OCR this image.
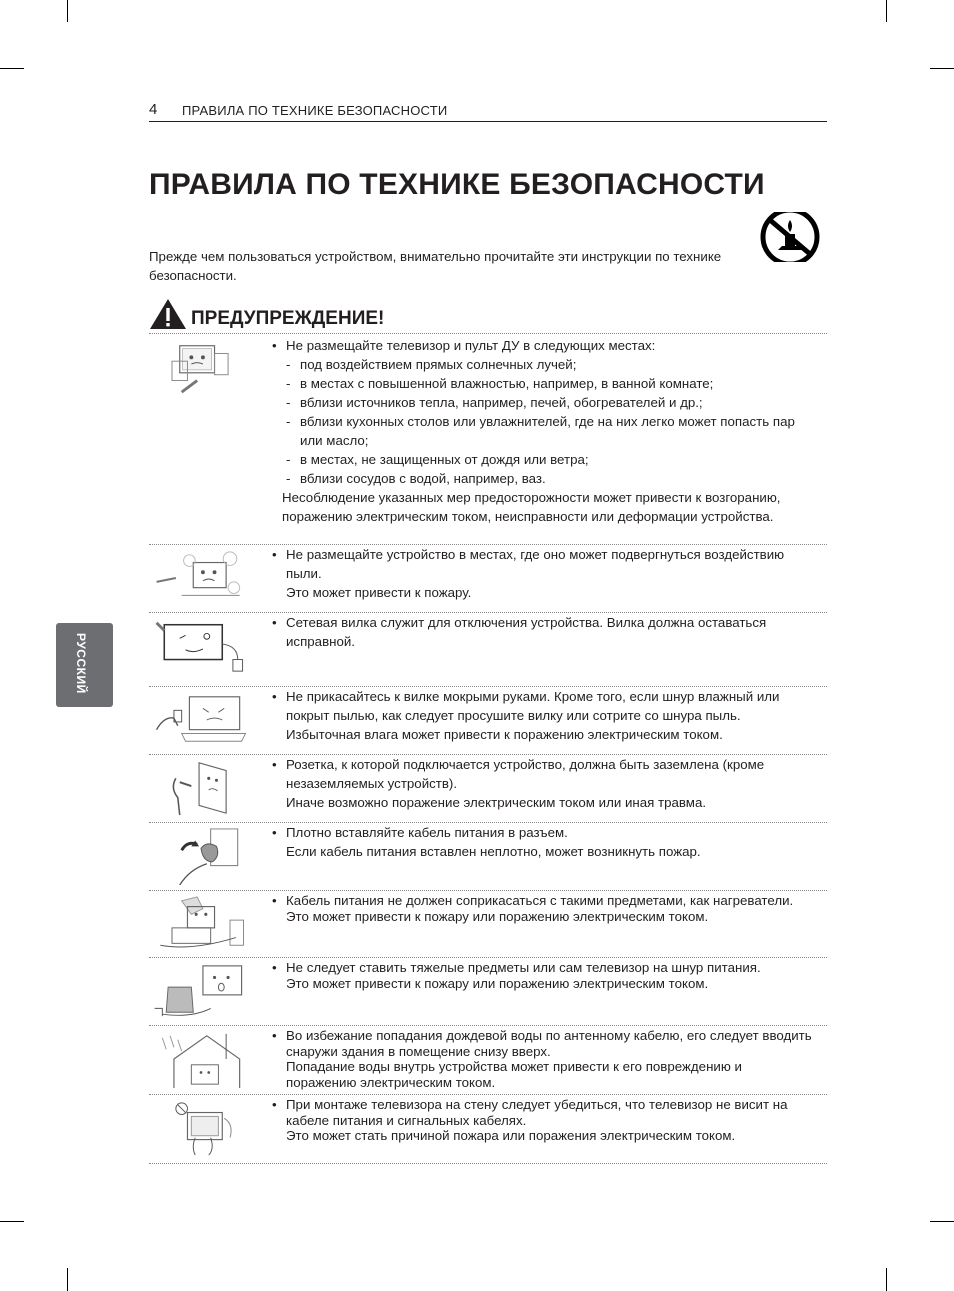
4 ПРАВИЛА ПО ТЕХНИКЕ БЕЗОПАСНОСТИ
ПРАВИЛА ПО ТЕХНИКЕ БЕЗОПАСНОСТИ
Прежде чем пользоваться устройством, внимательно прочитайте эти инструкции по технике безопасности.
ПРЕДУПРЕЖДЕНИЕ!
РУССКИЙ
• Не размещайте телевизор и пульт ДУ в следующих местах:
- под воздействием прямых солнечных лучей;
- в местах с повышенной влажностью, например, в ванной комнате;
- вблизи источников тепла, например, печей, обогревателей и др.;
- вблизи кухонных столов или увлажнителей, где на них легко может попасть пар или масло;
- в местах, не защищенных от дождя или ветра;
- вблизи сосудов с водой, например, ваз.
Несоблюдение указанных мер предосторожности может привести к возгоранию, поражению электрическим током, неисправности или деформации устройства.
• Не размещайте устройство в местах, где оно может подвергнуться воздействию пыли.
Это может привести к пожару.
• Сетевая вилка служит для отключения устройства. Вилка должна оставаться исправной.
• Не прикасайтесь к вилке мокрыми руками. Кроме того, если шнур влажный или покрыт пылью, как следует просушите вилку или сотрите со шнура пыль.
Избыточная влага может привести к поражению электрическим током.
• Розетка, к которой подключается устройство, должна быть заземлена (кроме незаземляемых устройств).
Иначе возможно поражение электрическим током или иная травма.
• Плотно вставляйте кабель питания в разъем.
Если кабель питания вставлен неплотно, может возникнуть пожар.
• Кабель питания не должен соприкасаться с такими предметами, как нагреватели.
Это может привести к пожару или поражению электрическим током.
• Не следует ставить тяжелые предметы или сам телевизор на шнур питания.
Это может привести к пожару или поражению электрическим током.
• Во избежание попадания дождевой воды по антенному кабелю, его следует вводить снаружи здания в помещение снизу вверх.
Попадание воды внутрь устройства может привести к его повреждению и поражению электрическим током.
• При монтаже телевизора на стену следует убедиться, что телевизор не висит на кабеле питания и сигнальных кабелях.
Это может стать причиной пожара или поражения электрическим током.
